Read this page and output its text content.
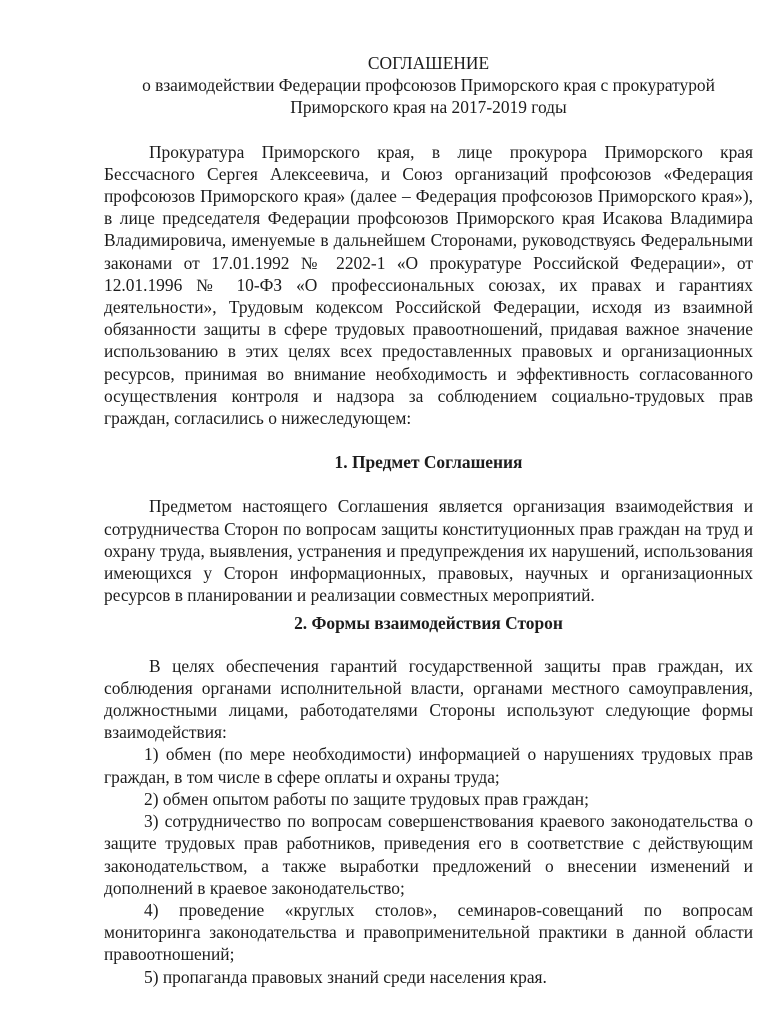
СОГЛАШЕНИЕ
о взаимодействии Федерации профсоюзов Приморского края с прокуратурой Приморского края на 2017-2019 годы

Прокуратура Приморского края, в лице прокурора Приморского края Бессчасного Сергея Алексеевича, и Союз организаций профсоюзов «Федерация профсоюзов Приморского края» (далее – Федерация профсоюзов Приморского края»), в лице председателя Федерации профсоюзов Приморского края Исакова Владимира Владимировича, именуемые в дальнейшем Сторонами, руководствуясь Федеральными законами от 17.01.1992 № 2202-1 «О прокуратуре Российской Федерации», от 12.01.1996 № 10-ФЗ «О профессиональных союзах, их правах и гарантиях деятельности», Трудовым кодексом Российской Федерации, исходя из взаимной обязанности защиты в сфере трудовых правоотношений, придавая важное значение использованию в этих целях всех предоставленных правовых и организационных ресурсов, принимая во внимание необходимость и эффективность согласованного осуществления контроля и надзора за соблюдением социально-трудовых прав граждан, согласились о нижеследующем:

1. Предмет Соглашения

Предметом настоящего Соглашения является организация взаимодействия и сотрудничества Сторон по вопросам защиты конституционных прав граждан на труд и охрану труда, выявления, устранения и предупреждения их нарушений, использования имеющихся у Сторон информационных, правовых, научных и организационных ресурсов в планировании и реализации совместных мероприятий.

2. Формы взаимодействия Сторон

В целях обеспечения гарантий государственной защиты прав граждан, их соблюдения органами исполнительной власти, органами местного самоуправления, должностными лицами, работодателями Стороны используют следующие формы взаимодействия:

1) обмен (по мере необходимости) информацией о нарушениях трудовых прав граждан, в том числе в сфере оплаты и охраны труда;

2) обмен опытом работы по защите трудовых прав граждан;

3) сотрудничество по вопросам совершенствования краевого законодательства о защите трудовых прав работников, приведения его в соответствие с действующим законодательством, а также выработки предложений о внесении изменений и дополнений в краевое законодательство;

4) проведение «круглых столов», семинаров-совещаний по вопросам мониторинга законодательства и правоприменительной практики в данной области правоотношений;

5) пропаганда правовых знаний среди населения края.
